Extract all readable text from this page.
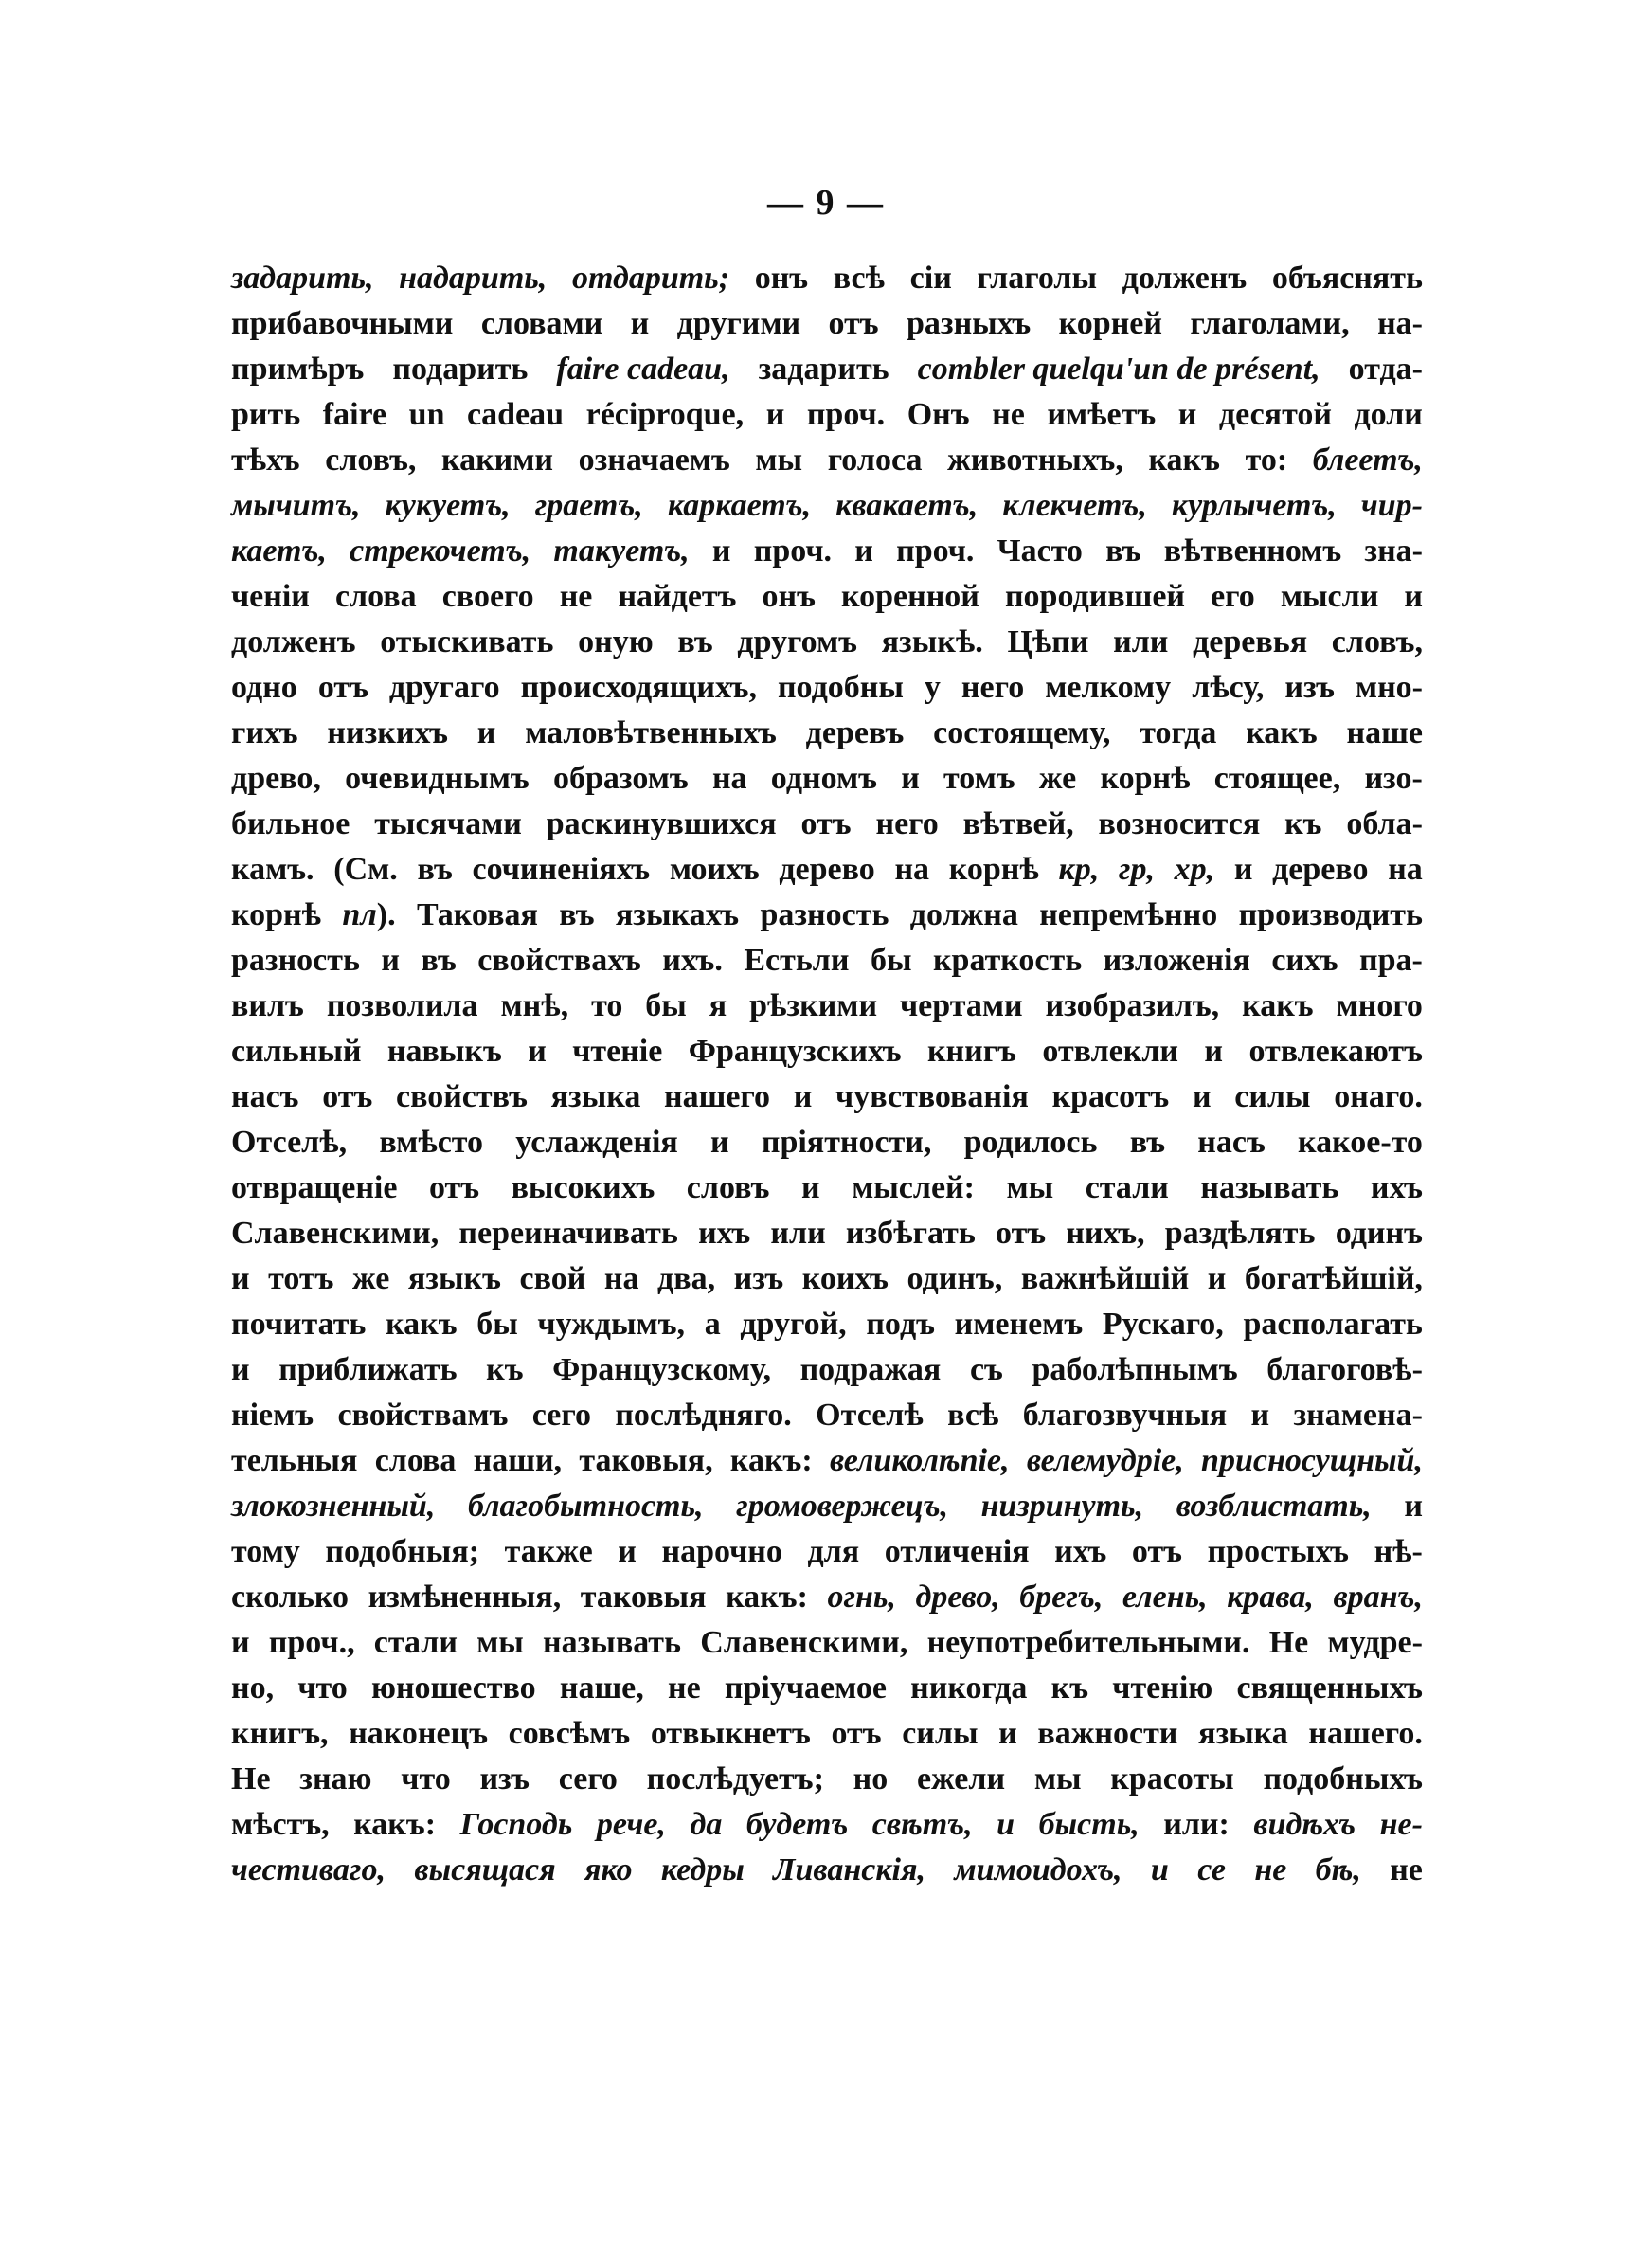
— 9 —
задарить, надарить, отдарить; онъ всѣ сіи глаголы долженъ объяснять
прибавочными словами и другими отъ разныхъ корней глаголами, на-
примѣръ подарить faire cadeau, задарить combler quelqu'un de présent, отда-
рить faire un cadeau réciproque, и проч. Онъ не имѣетъ и десятой доли
тѣхъ словъ, какими означаемъ мы голоса животныхъ, какъ то: блеетъ,
мычитъ, кукуетъ, граетъ, каркаетъ, квакаетъ, клекчетъ, курлычетъ, чир-
каетъ, стрекочетъ, такуетъ, и проч. и проч. Часто въ вѣтвенномъ зна-
ченіи слова своего не найдетъ онъ коренной породившей его мысли и
долженъ отыскивать оную въ другомъ языкѣ. Цѣпи или деревья словъ,
одно отъ другаго происходящихъ, подобны у него мелкому лѣсу, изъ мно-
гихъ низкихъ и маловѣтвенныхъ деревъ состоящему, тогда какъ наше
древо, очевиднымъ образомъ на одномъ и томъ же корнѣ стоящее, изо-
бильное тысячами раскинувшихся отъ него вѣтвей, возносится къ обла-
камъ. (См. въ сочиненіяхъ моихъ дерево на корнѣ кр, гр, хр, и дерево на
корнѣ пл). Таковая въ языкахъ разность должна непремѣнно производить
разность и въ свойствахъ ихъ. Естьли бы краткость изложенія сихъ пра-
вилъ позволила мнѣ, то бы я рѣзкими чертами изобразилъ, какъ много
сильный навыкъ и чтеніе Французскихъ книгъ отвлекли и отвлекаютъ
насъ отъ свойствъ языка нашего и чувствованія красотъ и силы онаго.
Отселѣ, вмѣсто услажденія и пріятности, родилось въ насъ какое-то
отвращеніе отъ высокихъ словъ и мыслей: мы стали называть ихъ
Славенскими, переиначивать ихъ или избѣгать отъ нихъ, раздѣлять одинъ
и тотъ же языкъ свой на два, изъ коихъ одинъ, важнѣйшій и богатѣйшій,
почитать какъ бы чуждымъ, а другой, подъ именемъ Рускаго, располагать
и приближать къ Французскому, подражая съ раболѣпнымъ благоговѣ-
ніемъ свойствамъ сего послѣдняго. Отселѣ всѣ благозвучныя и знамена-
тельныя слова наши, таковыя, какъ: великолѣпіе, велемудріе, присносущный,
злокозненный, благобытность, громовержецъ, низринуть, возблистать, и
тому подобныя; также и нарочно для отличенія ихъ отъ простыхъ нѣ-
сколько измѣненныя, таковыя какъ: огнь, древо, брегъ, елень, крава, вранъ,
и проч., стали мы называть Славенскими, неупотребительными. Не мудре-
но, что юношество наше, не пріучаемое никогда къ чтенію священныхъ
книгъ, наконецъ совсѣмъ отвыкнетъ отъ силы и важности языка нашего.
Не знаю что изъ сего послѣдуетъ; но ежели мы красоты подобныхъ
мѣстъ, какъ: Господь рече, да будетъ свѣтъ, и бысть, или: видѣхъ не-
честиваго, высящася яко кедры Ливанскія, мимоидохъ, и се не бѣ, не
